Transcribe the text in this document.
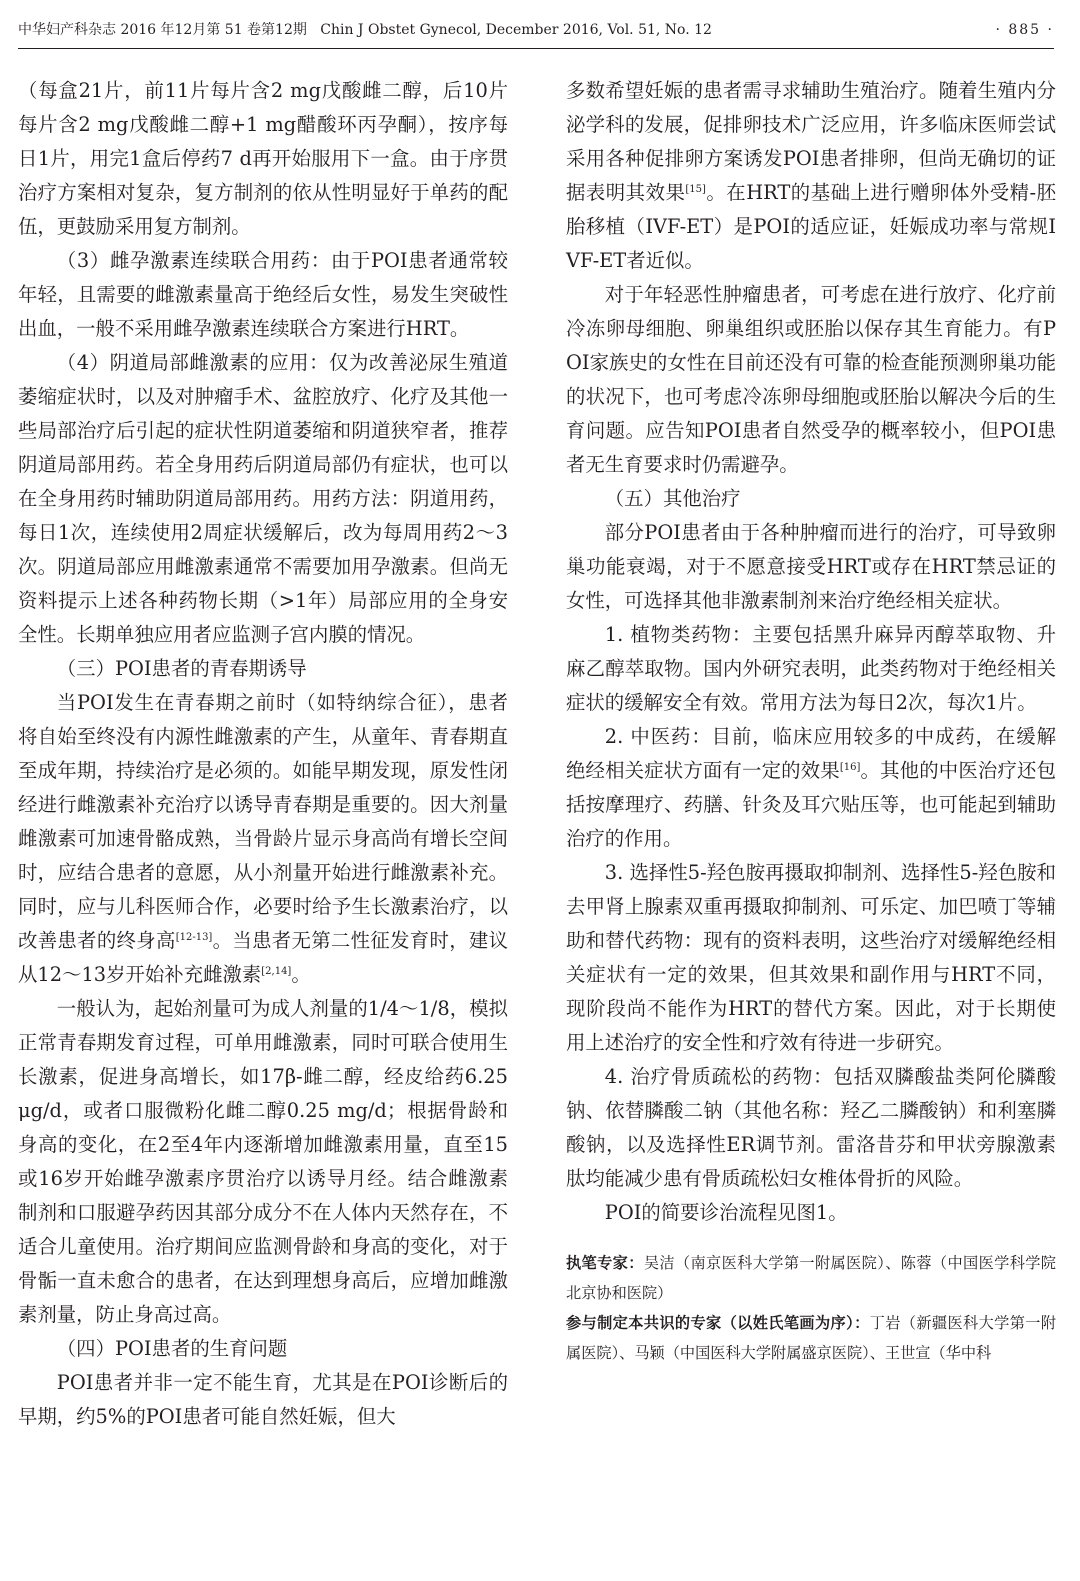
中华妇产科杂志 2016 年12月第 51 卷第12期 Chin J Obstet Gynecol, December 2016, Vol. 51, No. 12	· 885 ·

（每盒21片，前11片每片含2 mg戊酸雌二醇，后10片每片含2 mg戊酸雌二醇+1 mg醋酸环丙孕酮），按序每日1片，用完1盒后停药7 d再开始服用下一盒。由于序贯治疗方案相对复杂，复方制剂的依从性明显好于单药的配伍，更鼓励采用复方制剂。

（3）雌孕激素连续联合用药：由于POI患者通常较年轻，且需要的雌激素量高于绝经后女性，易发生突破性出血，一般不采用雌孕激素连续联合方案进行HRT。

（4）阴道局部雌激素的应用：仅为改善泌尿生殖道萎缩症状时，以及对肿瘤手术、盆腔放疗、化疗及其他一些局部治疗后引起的症状性阴道萎缩和阴道狭窄者，推荐阴道局部用药。若全身用药后阴道局部仍有症状，也可以在全身用药时辅助阴道局部用药。用药方法：阴道用药，每日1次，连续使用2周症状缓解后，改为每周用药2～3次。阴道局部应用雌激素通常不需要加用孕激素。但尚无资料提示上述各种药物长期（>1年）局部应用的全身安全性。长期单独应用者应监测子宫内膜的情况。

（三）POI患者的青春期诱导

当POI发生在青春期之前时（如特纳综合征），患者将自始至终没有内源性雌激素的产生，从童年、青春期直至成年期，持续治疗是必须的。如能早期发现，原发性闭经进行雌激素补充治疗以诱导青春期是重要的。因大剂量雌激素可加速骨骼成熟，当骨龄片显示身高尚有增长空间时，应结合患者的意愿，从小剂量开始进行雌激素补充。同时，应与儿科医师合作，必要时给予生长激素治疗，以改善患者的终身高[12-13]。当患者无第二性征发育时，建议从12～13岁开始补充雌激素[2,14]。

一般认为，起始剂量可为成人剂量的1/4～1/8，模拟正常青春期发育过程，可单用雌激素，同时可联合使用生长激素，促进身高增长，如17β-雌二醇，经皮给药6.25 μg/d，或者口服微粉化雌二醇0.25 mg/d；根据骨龄和身高的变化，在2至4年内逐渐增加雌激素用量，直至15或16岁开始雌孕激素序贯治疗以诱导月经。结合雌激素制剂和口服避孕药因其部分成分不在人体内天然存在，不适合儿童使用。治疗期间应监测骨龄和身高的变化，对于骨骺一直未愈合的患者，在达到理想身高后，应增加雌激素剂量，防止身高过高。

（四）POI患者的生育问题

POI患者并非一定不能生育，尤其是在POI诊断后的早期，约5%的POI患者可能自然妊娠，但大

多数希望妊娠的患者需寻求辅助生殖治疗。随着生殖内分泌学科的发展，促排卵技术广泛应用，许多临床医师尝试采用各种促排卵方案诱发POI患者排卵，但尚无确切的证据表明其效果[15]。在HRT的基础上进行赠卵体外受精-胚胎移植（IVF-ET）是POI的适应证，妊娠成功率与常规IVF-ET者近似。

对于年轻恶性肿瘤患者，可考虑在进行放疗、化疗前冷冻卵母细胞、卵巢组织或胚胎以保存其生育能力。有POI家族史的女性在目前还没有可靠的检查能预测卵巢功能的状况下，也可考虑冷冻卵母细胞或胚胎以解决今后的生育问题。应告知POI患者自然受孕的概率较小，但POI患者无生育要求时仍需避孕。

（五）其他治疗

部分POI患者由于各种肿瘤而进行的治疗，可导致卵巢功能衰竭，对于不愿意接受HRT或存在HRT禁忌证的女性，可选择其他非激素制剂来治疗绝经相关症状。

1. 植物类药物：主要包括黑升麻异丙醇萃取物、升麻乙醇萃取物。国内外研究表明，此类药物对于绝经相关症状的缓解安全有效。常用方法为每日2次，每次1片。

2. 中医药：目前，临床应用较多的中成药，在缓解绝经相关症状方面有一定的效果[16]。其他的中医治疗还包括按摩理疗、药膳、针灸及耳穴贴压等，也可能起到辅助治疗的作用。

3. 选择性5-羟色胺再摄取抑制剂、选择性5-羟色胺和去甲肾上腺素双重再摄取抑制剂、可乐定、加巴喷丁等辅助和替代药物：现有的资料表明，这些治疗对缓解绝经相关症状有一定的效果，但其效果和副作用与HRT不同，现阶段尚不能作为HRT的替代方案。因此，对于长期使用上述治疗的安全性和疗效有待进一步研究。

4. 治疗骨质疏松的药物：包括双膦酸盐类阿伦膦酸钠、依替膦酸二钠（其他名称：羟乙二膦酸钠）和利塞膦酸钠，以及选择性ER调节剂。雷洛昔芬和甲状旁腺激素肽均能减少患有骨质疏松妇女椎体骨折的风险。

POI的简要诊治流程见图1。

执笔专家：吴洁（南京医科大学第一附属医院）、陈蓉（中国医学科学院北京协和医院）

参与制定本共识的专家（以姓氏笔画为序）：丁岩（新疆医科大学第一附属医院）、马颖（中国医科大学附属盛京医院）、王世宣（华中科
